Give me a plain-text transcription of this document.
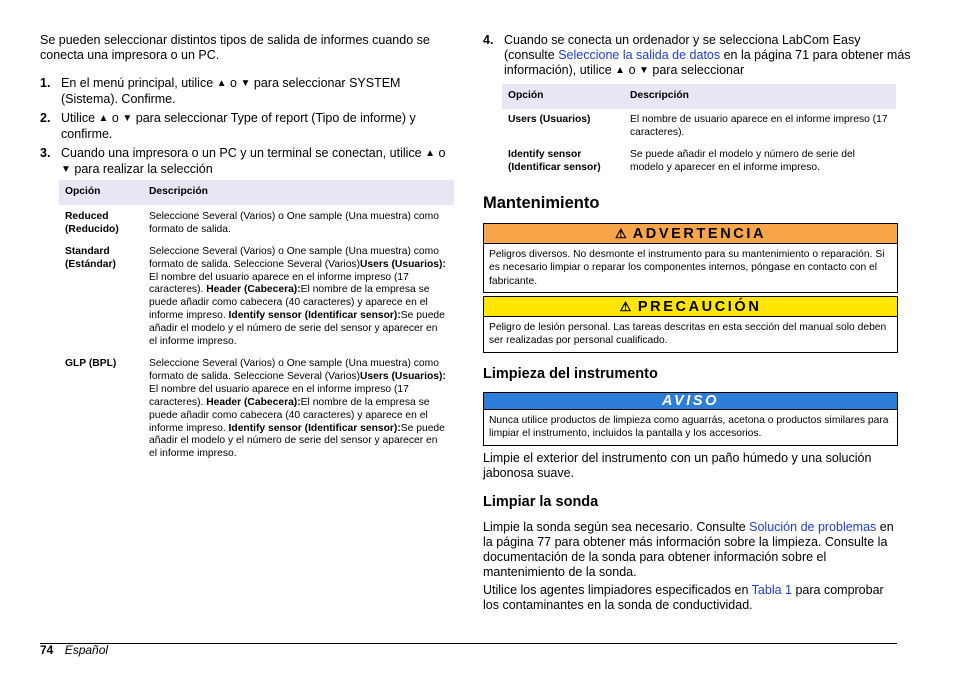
Se pueden seleccionar distintos tipos de salida de informes cuando se conecta una impresora o un PC.

1. En el menú principal, utilice ▲ o ▼ para seleccionar SYSTEM (Sistema). Confirme.
2. Utilice ▲ o ▼ para seleccionar Type of report (Tipo de informe) y confirme.
3. Cuando una impresora o un PC y un terminal se conectan, utilice ▲ o ▼ para realizar la selección
Opción	Descripción
Reduced
(Reducido)	Seleccione Several (Varios) o One sample (Una muestra) como formato de salida.
Standard
(Estándar)	Seleccione Several (Varios) o One sample (Una muestra) como formato de salida. Seleccione Several (Varios)Users (Usuarios): El nombre del usuario aparece en el informe impreso (17 caracteres). Header (Cabecera):El nombre de la empresa se puede añadir como cabecera (40 caracteres) y aparece en el informe impreso. Identify sensor (Identificar sensor):Se puede añadir el modelo y el número de serie del sensor y aparecer en el informe impreso.
GLP (BPL)	Seleccione Several (Varios) o One sample (Una muestra) como formato de salida. Seleccione Several (Varios)Users (Usuarios): El nombre del usuario aparece en el informe impreso (17 caracteres). Header (Cabecera):El nombre de la empresa se puede añadir como cabecera (40 caracteres) y aparece en el informe impreso. Identify sensor (Identificar sensor):Se puede añadir el modelo y el número de serie del sensor y aparecer en el informe impreso.
4. Cuando se conecta un ordenador y se selecciona LabCom Easy (consulte Seleccione la salida de datos en la página 71 para obtener más información), utilice ▲ o ▼ para seleccionar
Opción	Descripción
Users (Usuarios)	El nombre de usuario aparece en el informe impreso (17 caracteres).
Identify sensor
(Identificar sensor)	Se puede añadir el modelo y número de serie del modelo y aparecer en el informe impreso.
Mantenimiento
⚠ ADVERTENCIA
Peligros diversos. No desmonte el instrumento para su mantenimiento o reparación. Si es necesario limpiar o reparar los componentes internos, póngase en contacto con el fabricante.
⚠ PRECAUCIÓN
Peligro de lesión personal. Las tareas descritas en esta sección del manual solo deben ser realizadas por personal cualificado.
Limpieza del instrumento
AVISO
Nunca utilice productos de limpieza como aguarrás, acetona o productos similares para limpiar el instrumento, incluidos la pantalla y los accesorios.

Limpie el exterior del instrumento con un paño húmedo y una solución jabonosa suave.

Limpiar la sonda

Limpie la sonda según sea necesario. Consulte Solución de problemas en la página 77 para obtener más información sobre la limpieza. Consulte la documentación de la sonda para obtener información sobre el mantenimiento de la sonda.

Utilice los agentes limpiadores especificados en Tabla 1 para comprobar los contaminantes en la sonda de conductividad.

74 Español
